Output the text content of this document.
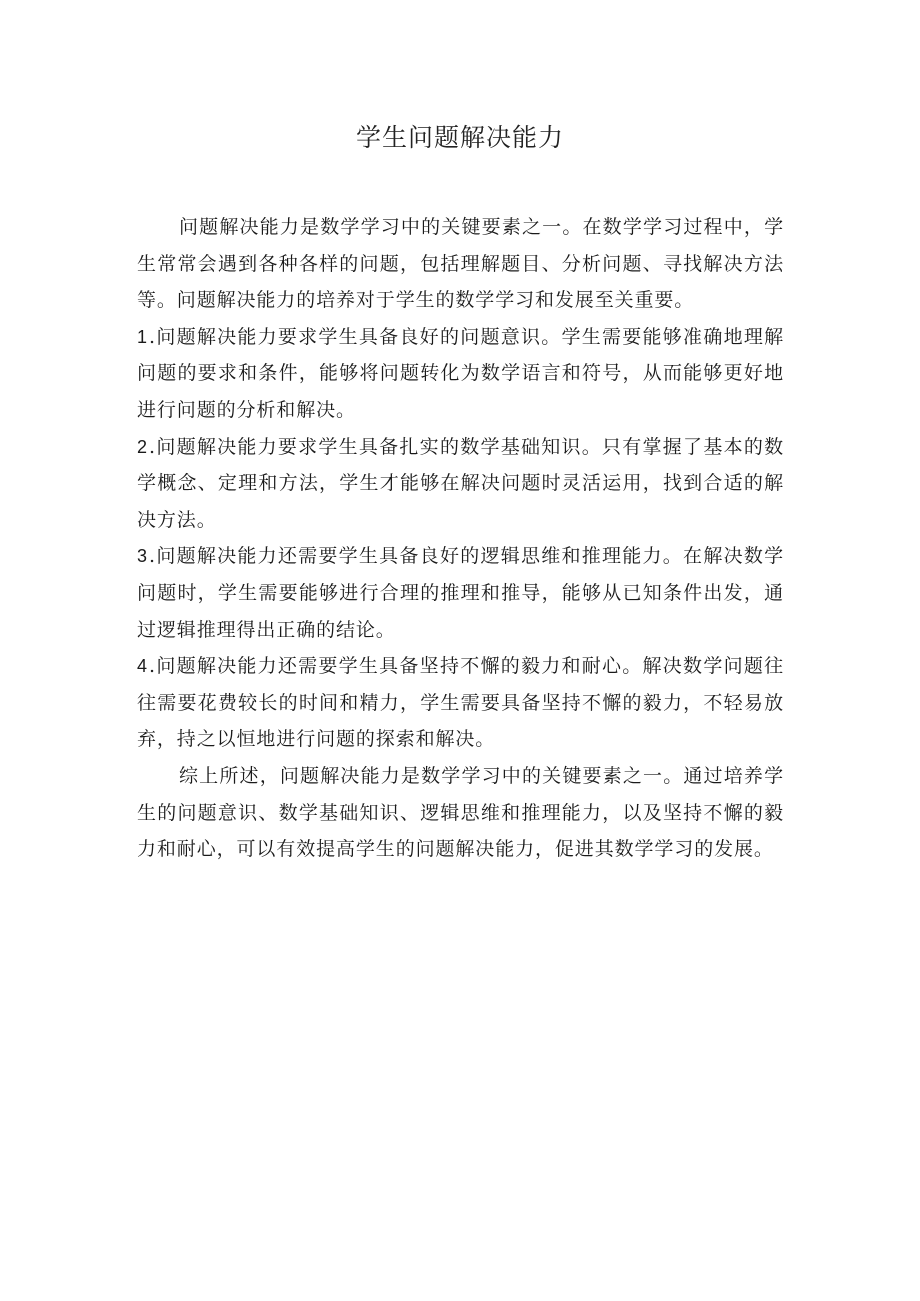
学生问题解决能力

问题解决能力是数学学习中的关键要素之一。在数学学习过程中，学生常常会遇到各种各样的问题，包括理解题目、分析问题、寻找解决方法等。问题解决能力的培养对于学生的数学学习和发展至关重要。

1 .问题解决能力要求学生具备良好的问题意识。学生需要能够准确地理解问题的要求和条件，能够将问题转化为数学语言和符号，从而能够更好地进行问题的分析和解决。

2 .问题解决能力要求学生具备扎实的数学基础知识。只有掌握了基本的数学概念、定理和方法，学生才能够在解决问题时灵活运用，找到合适的解决方法。

3 .问题解决能力还需要学生具备良好的逻辑思维和推理能力。在解决数学问题时，学生需要能够进行合理的推理和推导，能够从已知条件出发，通过逻辑推理得出正确的结论。

4 .问题解决能力还需要学生具备坚持不懈的毅力和耐心。解决数学问题往往需要花费较长的时间和精力，学生需要具备坚持不懈的毅力，不轻易放弃，持之以恒地进行问题的探索和解决。

综上所述，问题解决能力是数学学习中的关键要素之一。通过培养学生的问题意识、数学基础知识、逻辑思维和推理能力，以及坚持不懈的毅力和耐心，可以有效提高学生的问题解决能力，促进其数学学习的发展。
